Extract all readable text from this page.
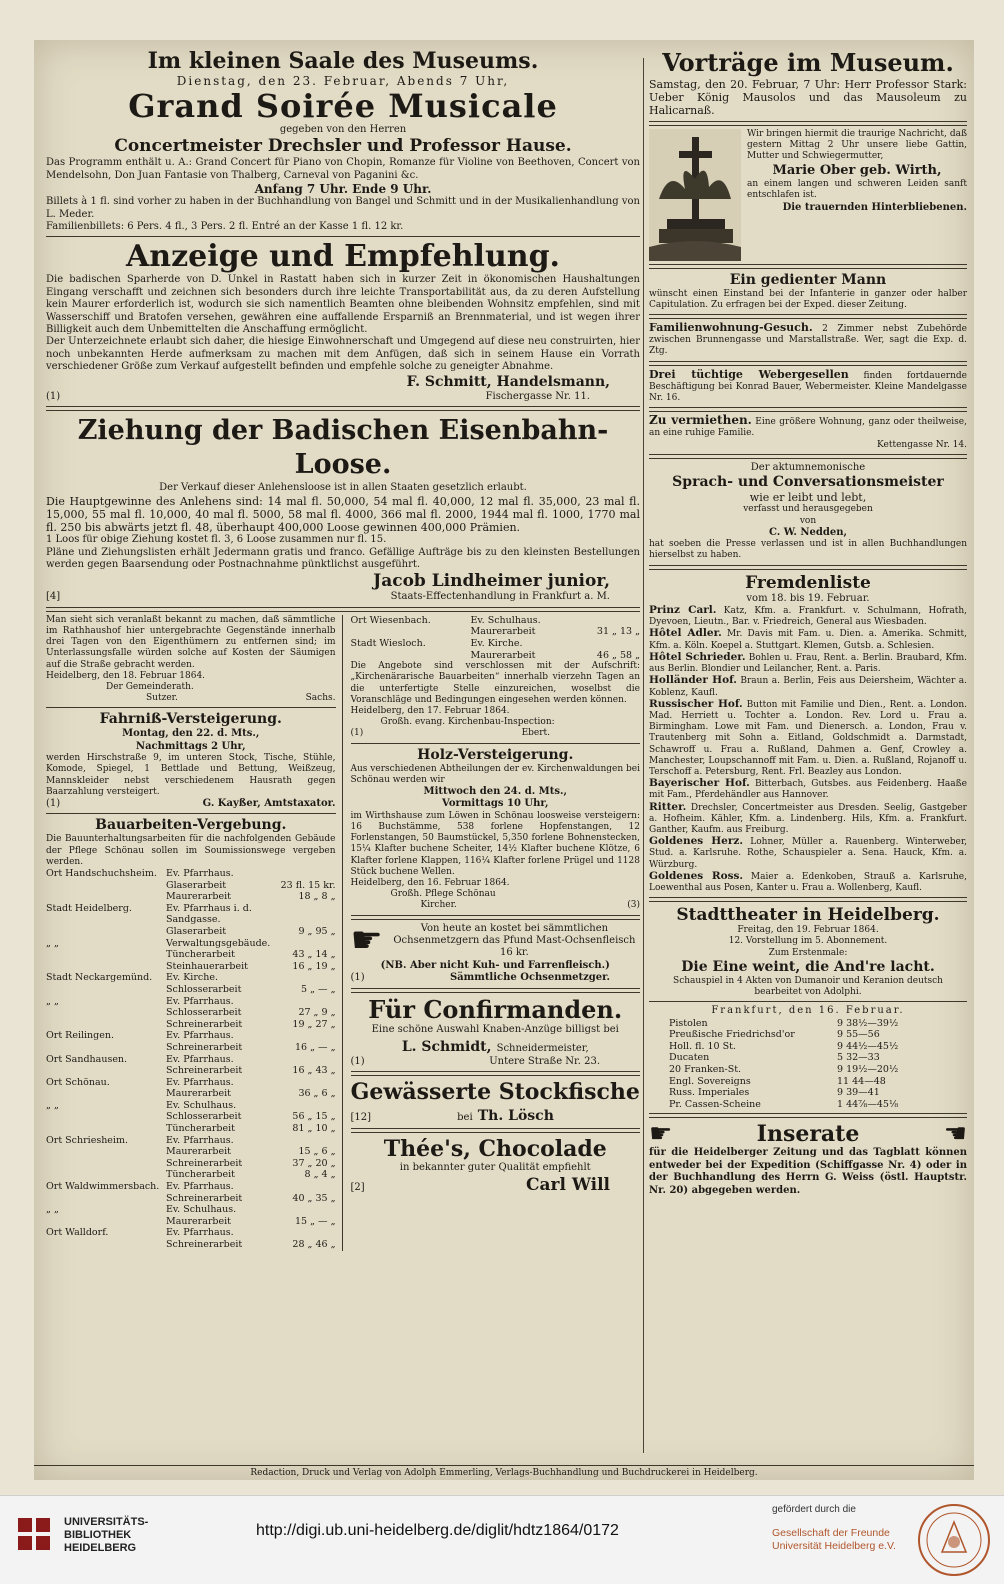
Im kleinen Saale des Museums.
Dienstag, den 23. Februar, Abends 7 Uhr,
Grand Soirée Musicale
gegeben von den Herren
Concertmeister Drechsler und Professor Hause.
Das Programm enthält u. A.: Grand Concert für Piano von Chopin, Romanze für Violine von Beethoven, Concert von Mendelsohn, Don Juan Fantasie von Thalberg, Carneval von Paganini &c.
Anfang 7 Uhr. Ende 9 Uhr.
Billets à 1 fl. sind vorher zu haben in der Buchhandlung von Bangel und Schmitt und in der Musikalienhandlung von L. Meder.
Familienbillets: 6 Pers. 4 fl., 3 Pers. 2 fl. Entré an der Kasse 1 fl. 12 kr.
Anzeige und Empfehlung.
Die badischen Sparherde von D. Unkel in Rastatt haben sich in kurzer Zeit in ökonomischen Haushaltungen Eingang verschafft und zeichnen sich besonders durch ihre leichte Transportabilität aus, da zu deren Aufstellung kein Maurer erforderlich ist, wodurch sie sich namentlich Beamten ohne bleibenden Wohnsitz empfehlen, sind mit Wasserschiff und Bratofen versehen, gewähren eine auffallende Ersparniß an Brennmaterial, und ist wegen ihrer Billigkeit auch dem Unbemittelten die Anschaffung ermöglicht.
Der Unterzeichnete erlaubt sich daher, die hiesige Einwohnerschaft und Umgegend auf diese neu construirten, hier noch unbekannten Herde aufmerksam zu machen mit dem Anfügen, daß sich in seinem Hause ein Vorrath verschiedener Größe zum Verkauf aufgestellt befinden und empfehle solche zu geneigter Abnahme.
F. Schmitt, Handelsmann,
(1)	Fischergasse Nr. 11.
Ziehung der Badischen Eisenbahn-Loose.
Der Verkauf dieser Anlehensloose ist in allen Staaten gesetzlich erlaubt.
Die Hauptgewinne des Anlehens sind: 14 mal fl. 50,000, 54 mal fl. 40,000, 12 mal fl. 35,000, 23 mal fl. 15,000, 55 mal fl. 10,000, 40 mal fl. 5000, 58 mal fl. 4000, 366 mal fl. 2000, 1944 mal fl. 1000, 1770 mal fl. 250 bis abwärts jetzt fl. 48, überhaupt 400,000 Loose gewinnen 400,000 Prämien.
1 Loos für obige Ziehung kostet fl. 3, 6 Loose zusammen nur fl. 15.
Pläne und Ziehungslisten erhält Jedermann gratis und franco. Gefällige Aufträge bis zu den kleinsten Bestellungen werden gegen Baarsendung oder Postnachnahme pünktlichst ausgeführt.
Jacob Lindheimer junior,
[4]	Staats-Effectenhandlung in Frankfurt a. M.
Man sieht sich veranlaßt bekannt zu machen, daß sämmtliche im Rathhaushof hier untergebrachte Gegenstände innerhalb drei Tagen von den Eigenthümern zu entfernen sind; im Unterlassungsfalle würden solche auf Kosten der Säumigen auf die Straße gebracht werden.
Heidelberg, den 18. Februar 1864.
Der Gemeinderath.
Sutzer.	Sachs.
Fahrniß-Versteigerung.
Montag, den 22. d. Mts.,
Nachmittags 2 Uhr,
werden Hirschstraße 9, im unteren Stock, Tische, Stühle, Komode, Spiegel, 1 Bettlade und Bettung, Weißzeug, Mannskleider nebst verschiedenem Hausrath gegen Baarzahlung versteigert.
(1)	G. Kayßer, Amtstaxator.
Bauarbeiten-Vergebung.
Die Bauunterhaltungsarbeiten für die nachfolgenden Gebäude der Pflege Schönau sollen im Soumissionswege vergeben werden.
Ort Handschuchsheim. Ev. Pfarrhaus.
Glaserarbeit	23 fl. 15 kr.
Maurerarbeit	18 „ 8 „
Stadt Heidelberg.	Ev. Pfarrhaus i. d. Sandgasse.
Glaserarbeit	9 „ 95 „
„ „	Verwaltungsgebäude.
Tüncherarbeit	43 „ 14 „
Steinhauerarbeit	16 „ 19 „
Stadt Neckargemünd.	Ev. Kirche.
Schlosserarbeit	5 „ — „
„ „	Ev. Pfarrhaus.
Schlosserarbeit	27 „ 9 „
Schreinerarbeit	19 „ 27 „
Ort Reilingen.	Ev. Pfarrhaus.
Schreinerarbeit	16 „ — „
Ort Sandhausen.	Ev. Pfarrhaus.
Schreinerarbeit	16 „ 43 „
Ort Schönau.	Ev. Pfarrhaus.
Maurerarbeit	36 „ 6 „
„ „	Ev. Schulhaus.
Schlosserarbeit	56 „ 15 „
Tüncherarbeit	81 „ 10 „
Ort Schriesheim.	Ev. Pfarrhaus.
Maurerarbeit	15 „ 6 „
Schreinerarbeit	37 „ 20 „
Tüncherarbeit	8 „ 4 „
Ort Waldwimmersbach. Ev. Pfarrhaus.
Schreinerarbeit	40 „ 35 „
„ „	Ev. Schulhaus.
Maurerarbeit	15 „ — „
Ort Walldorf.	Ev. Pfarrhaus.
Schreinerarbeit	28 „ 46 „
Ort Wiesenbach.	Ev. Schulhaus.
Maurerarbeit	31 „ 13 „
Stadt Wiesloch.	Ev. Kirche.
Maurerarbeit	46 „ 58 „
Die Angebote sind verschlossen mit der Aufschrift: „Kirchenärarische Bauarbeiten“ innerhalb vierzehn Tagen an die unterfertigte Stelle einzureichen, woselbst die Voranschläge und Bedingungen eingesehen werden können.
Heidelberg, den 17. Februar 1864.
Großh. evang. Kirchenbau-Inspection:
(1)	Ebert.
Holz-Versteigerung.
Aus verschiedenen Abtheilungen der ev. Kirchenwaldungen bei Schönau werden wir
Mittwoch den 24. d. Mts.,
Vormittags 10 Uhr,
im Wirthshause zum Löwen in Schönau loosweise versteigern: 16 Buchstämme, 538 forlene Hopfenstangen, 12 Forlenstangen, 50 Baumstückel, 5,350 forlene Bohnenstecken, 15¼ Klafter buchene Scheiter, 14½ Klafter buchene Klötze, 6 Klafter forlene Klappen, 116¼ Klafter forlene Prügel und 1128 Stück buchene Wellen.
Heidelberg, den 16. Februar 1864.
Großh. Pflege Schönau
Kircher.	(3)
☛	Von heute an kostet bei sämmtlichen Ochsenmetzgern das Pfund Mast-Ochsenfleisch 16 kr.
(NB. Aber nicht Kuh- und Farrenfleisch.)
(1)	Sämmtliche Ochsenmetzger.
Für Confirmanden.
Eine schöne Auswahl Knaben-Anzüge billigst bei
L. Schmidt, Schneidermeister,
(1)	Untere Straße Nr. 23.
Gewässerte Stockfische
[12]	bei Th. Lösch
Thée's, Chocolade
in bekannter guter Qualität empfiehlt
[2]	Carl Will
Vorträge im Museum.
Samstag, den 20. Februar, 7 Uhr: Herr Professor Stark: Ueber König Mausolos und das Mausoleum zu Halicarnaß.
Wir bringen hiermit die traurige Nachricht, daß gestern Mittag 2 Uhr unsere liebe Gattin, Mutter und Schwiegermutter,
Marie Ober geb. Wirth,
an einem langen und schweren Leiden sanft entschlafen ist.
Die trauernden Hinterbliebenen.
Ein gedienter Mann
wünscht einen Einstand bei der Infanterie in ganzer oder halber Capitulation. Zu erfragen bei der Exped. dieser Zeitung.
Familienwohnung-Gesuch. 2 Zimmer nebst Zubehörde zwischen Brunnengasse und Marstallstraße. Wer, sagt die Exp. d. Ztg.
Drei tüchtige Webergesellen finden fortdauernde Beschäftigung bei Konrad Bauer, Webermeister. Kleine Mandelgasse Nr. 16.
Zu vermiethen. Eine größere Wohnung, ganz oder theilweise, an eine ruhige Familie.
Kettengasse Nr. 14.
Der aktumnemonische
Sprach- und Conversationsmeister
wie er leibt und lebt,
verfasst und herausgegeben
von
C. W. Nedden,
hat soeben die Presse verlassen und ist in allen Buchhandlungen hierselbst zu haben.
Fremdenliste
vom 18. bis 19. Februar.
Prinz Carl. Katz, Kfm. a. Frankfurt. v. Schulmann, Hofrath, Dyevoen, Lieutn., Bar. v. Friedreich, General aus Wiesbaden.
Hôtel Adler. Mr. Davis mit Fam. u. Dien. a. Amerika. Schmitt, Kfm. a. Köln. Koepel a. Stuttgart. Klemen, Gutsb. a. Schlesien.
Hôtel Schrieder. Bohlen u. Frau, Rent. a. Berlin. Braubard, Kfm. aus Berlin. Blondier und Leilancher, Rent. a. Paris.
Holländer Hof. Braun a. Berlin, Feis aus Deiersheim, Wächter a. Koblenz, Kaufl.
Russischer Hof. Button mit Familie und Dien., Rent. a. London. Mad. Herriett u. Tochter a. London. Rev. Lord u. Frau a. Birmingham. Lowe mit Fam. und Dienersch. a. London, Frau v. Trautenberg mit Sohn a. Eitland, Goldschmidt a. Darmstadt, Schawroff u. Frau a. Rußland, Dahmen a. Genf, Crowley a. Manchester, Loupschannoff mit Fam. u. Dien. a. Rußland, Rojanoff u. Terschoff a. Petersburg, Rent. Frl. Beazley aus London.
Bayerischer Hof. Bitterbach, Gutsbes. aus Feidenberg. Haaße mit Fam., Pferdehändler aus Hannover.
Ritter. Drechsler, Concertmeister aus Dresden. Seelig, Gastgeber a. Hofheim. Kähler, Kfm. a. Lindenberg. Hils, Kfm. a. Frankfurt. Ganther, Kaufm. aus Freiburg.
Goldenes Herz. Lohner, Müller a. Rauenberg. Winterweber, Stud. a. Karlsruhe. Rothe, Schauspieler a. Sena. Hauck, Kfm. a. Würzburg.
Goldenes Ross. Maier a. Edenkoben, Strauß a. Karlsruhe, Loewenthal aus Posen, Kanter u. Frau a. Wollenberg, Kaufl.
Stadttheater in Heidelberg.
Freitag, den 19. Februar 1864.
12. Vorstellung im 5. Abonnement.
Zum Erstenmale:
Die Eine weint, die And're lacht.
Schauspiel in 4 Akten von Dumanoir und Keranion deutsch bearbeitet von Adolphi.
Frankfurt, den 16. Februar.
Pistolen	9 38½—39½
Preußische Friedrichsd'or	9 55—56
Holl. fl. 10 St.	9 44½—45½
Ducaten	5 32—33
20 Franken-St.	9 19½—20½
Engl. Sovereigns	11 44—48
Russ. Imperiales	9 39—41
Pr. Cassen-Scheine	1 44⅞—45⅛
☛	Inserate	☚
für die Heidelberger Zeitung und das Tagblatt können entweder bei der Expedition (Schiffgasse Nr. 4) oder in der Buchhandlung des Herrn G. Weiss (östl. Hauptstr. Nr. 20) abgegeben werden.
Redaction, Druck und Verlag von Adolph Emmerling, Verlags-Buchhandlung und Buchdruckerei in Heidelberg.
UNIVERSITÄTS-
BIBLIOTHEK
HEIDELBERG
http://digi.ub.uni-heidelberg.de/diglit/hdtz1864/0172
gefördert durch die
Gesellschaft der Freunde
Universität Heidelberg e.V.
